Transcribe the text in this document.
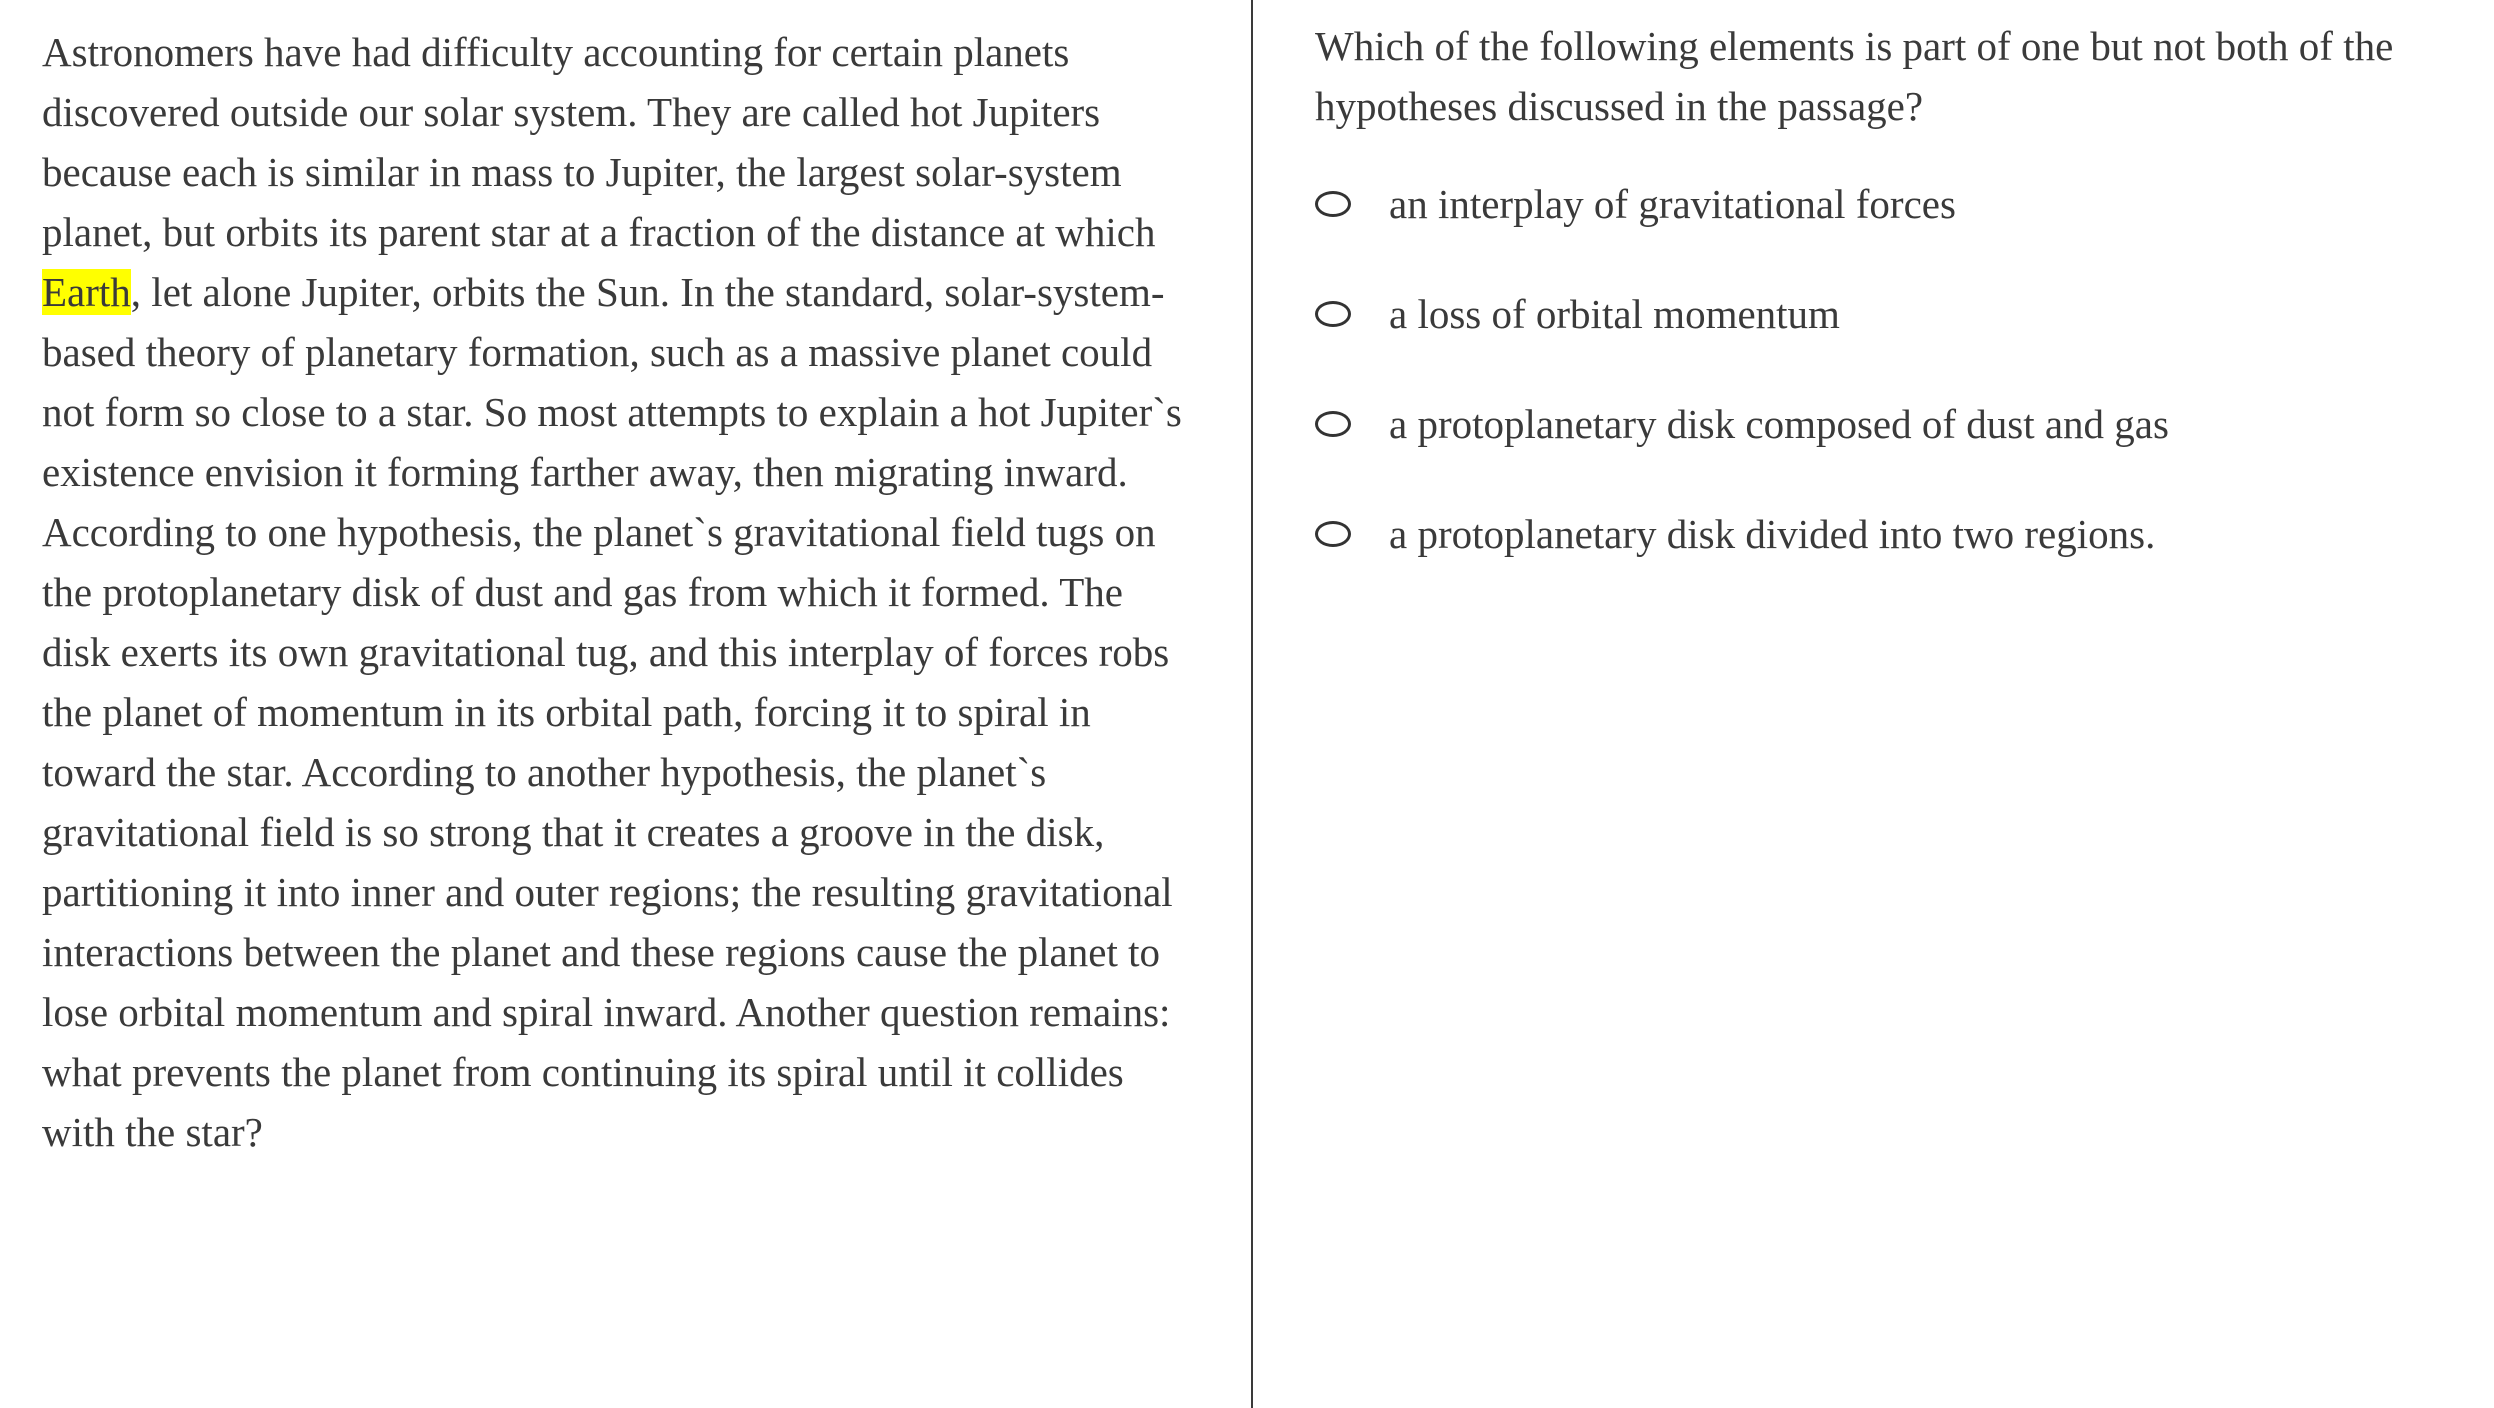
Astronomers have had difficulty accounting for certain planets discovered outside our solar system. They are called hot Jupiters because each is similar in mass to Jupiter, the largest solar-system planet, but orbits its parent star at a fraction of the distance at which Earth, let alone Jupiter, orbits the Sun. In the standard, solar-system-based theory of planetary formation, such as a massive planet could not form so close to a star. So most attempts to explain a hot Jupiter`s existence envision it forming farther away, then migrating inward. According to one hypothesis, the planet`s gravitational field tugs on the protoplanetary disk of dust and gas from which it formed. The disk exerts its own gravitational tug, and this interplay of forces robs the planet of momentum in its orbital path, forcing it to spiral in toward the star. According to another hypothesis, the planet`s gravitational field is so strong that it creates a groove in the disk, partitioning it into inner and outer regions; the resulting gravitational interactions between the planet and these regions cause the planet to lose orbital momentum and spiral inward. Another question remains: what prevents the planet from continuing its spiral until it collides with the star?

Which of the following elements is part of one but not both of the hypotheses discussed in the passage?

an interplay of gravitational forces
a loss of orbital momentum
a protoplanetary disk composed of dust and gas
a protoplanetary disk divided into two regions.
